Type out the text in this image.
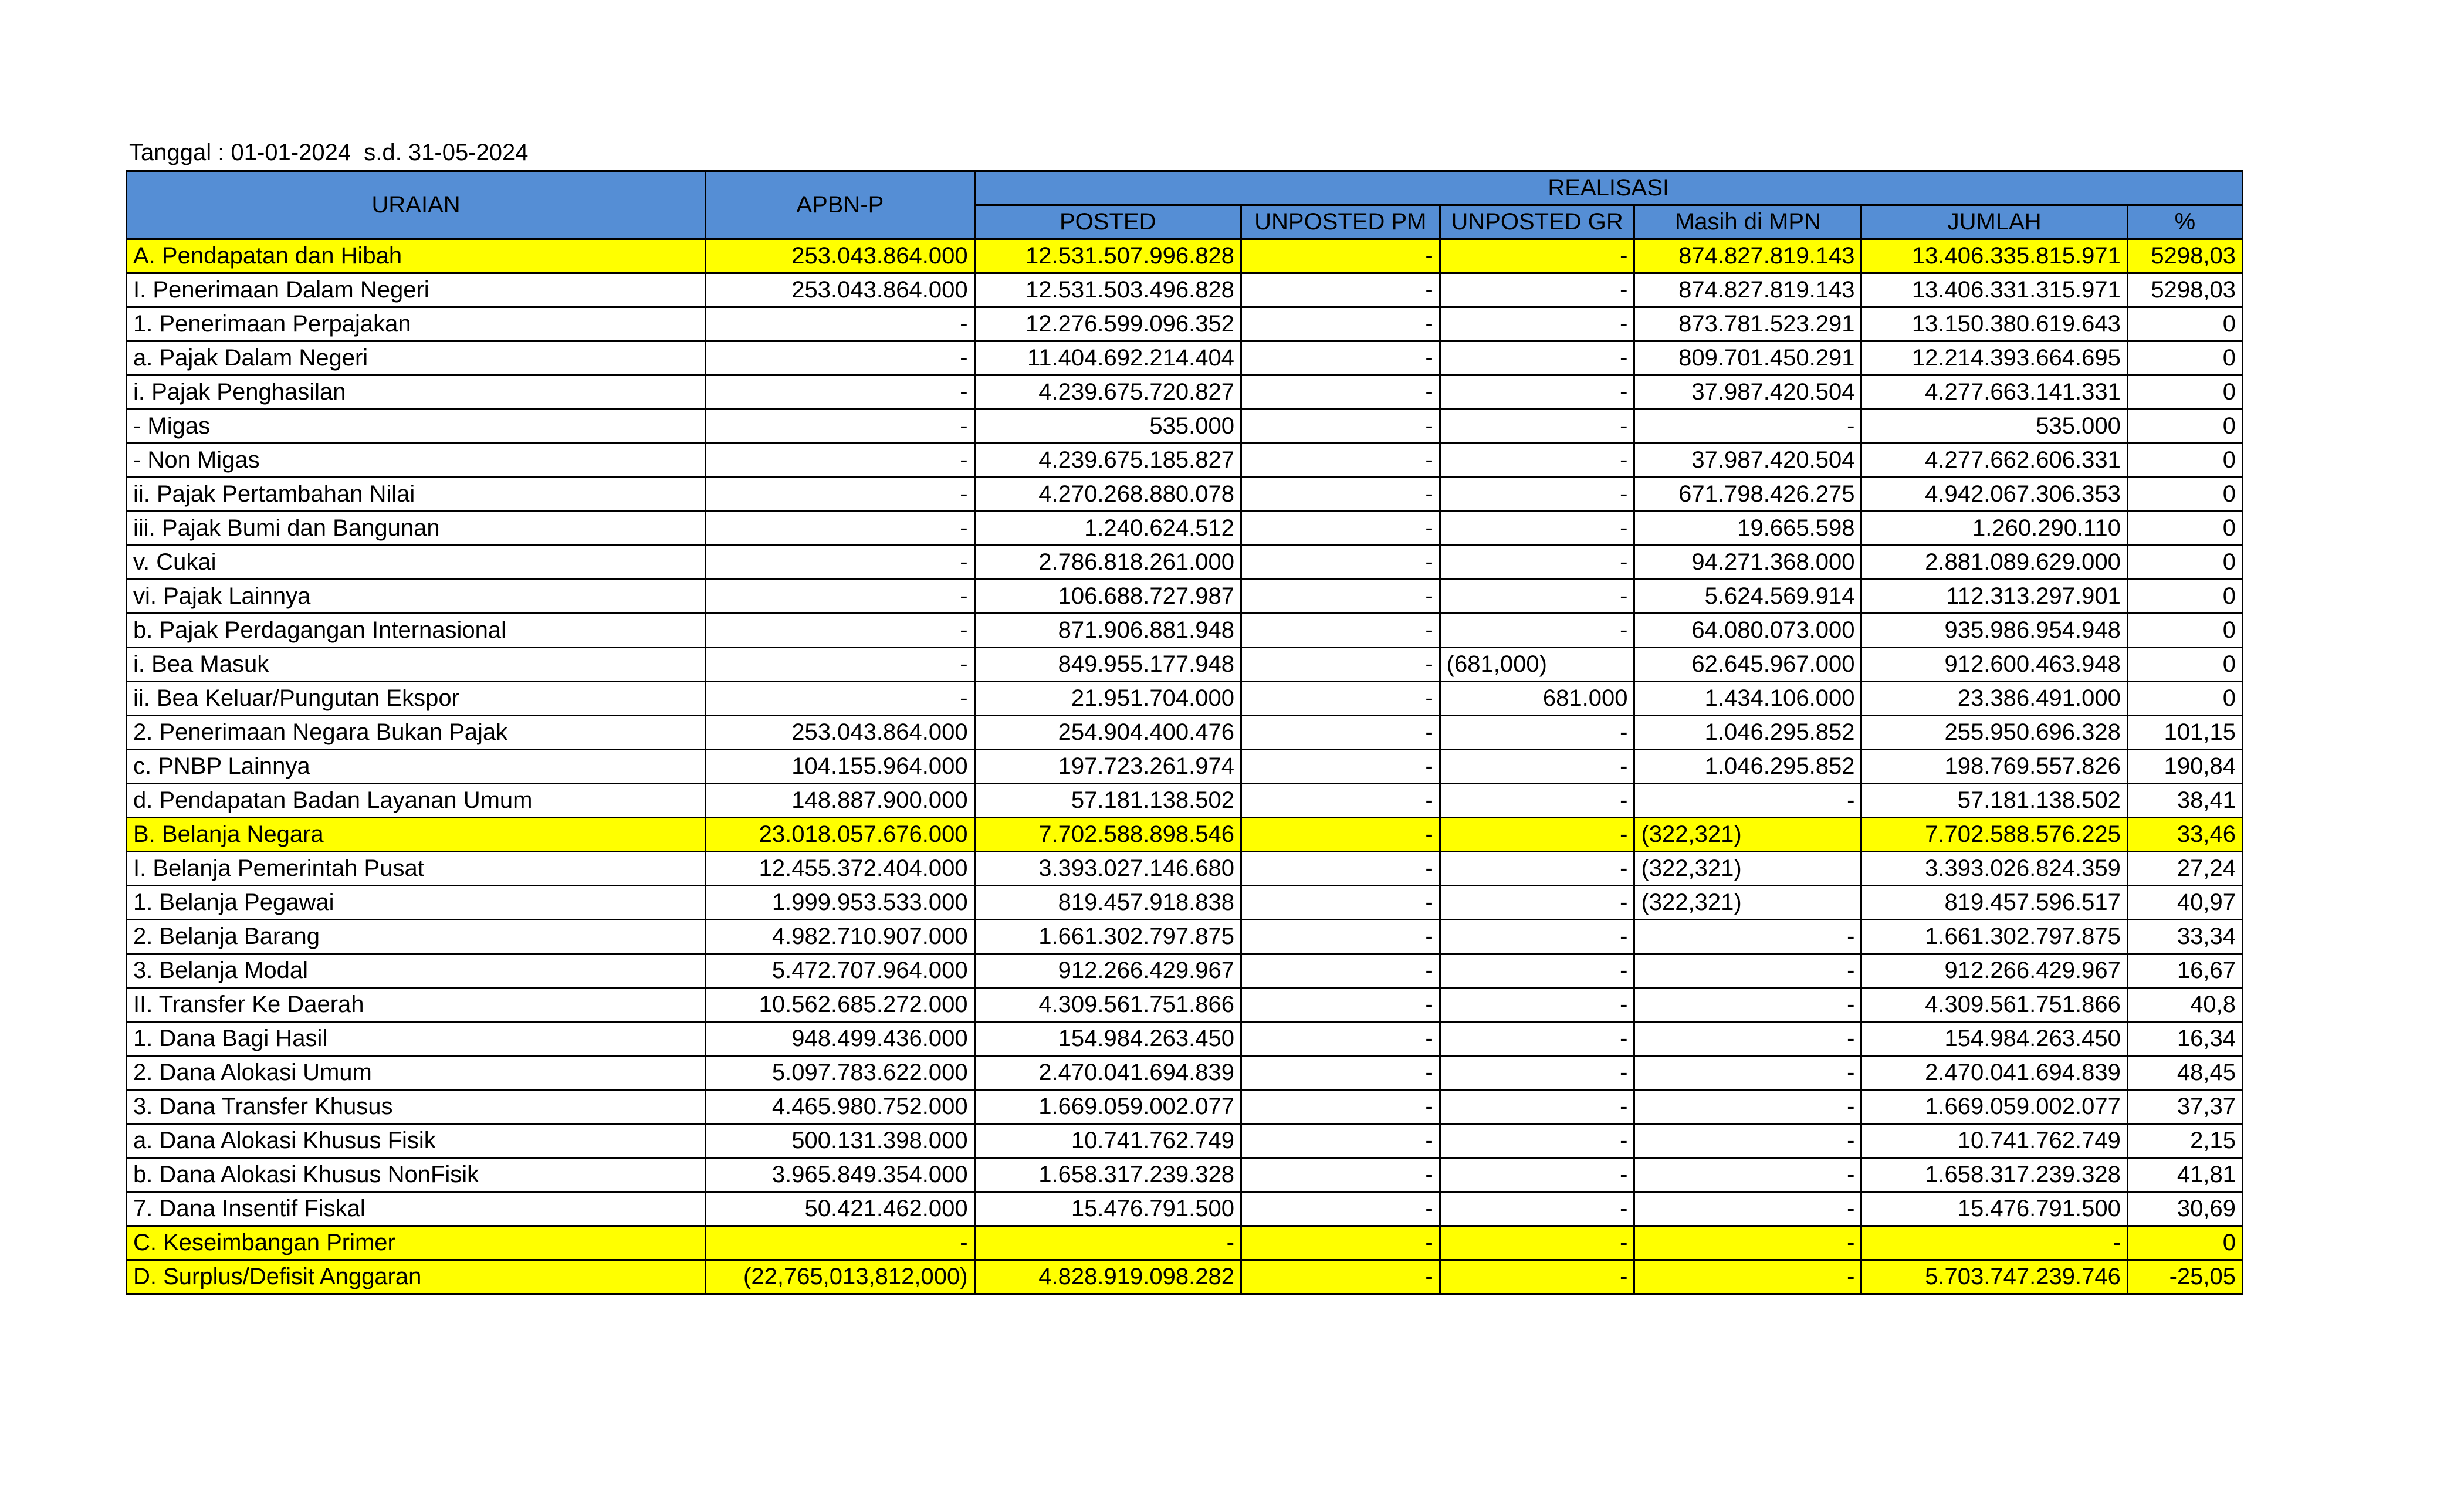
Tanggal : 01-01-2024  s.d. 31-05-2024
URAIAN	APBN-P	REALISASI					
		POSTED	UNPOSTED PM	UNPOSTED GR	Masih di MPN	JUMLAH	%
A. Pendapatan dan Hibah	253.043.864.000	12.531.507.996.828	-	-	874.827.819.143	13.406.335.815.971	5298,03
I. Penerimaan Dalam Negeri	253.043.864.000	12.531.503.496.828	-	-	874.827.819.143	13.406.331.315.971	5298,03
1. Penerimaan Perpajakan	-	12.276.599.096.352	-	-	873.781.523.291	13.150.380.619.643	0
a. Pajak Dalam Negeri	-	11.404.692.214.404	-	-	809.701.450.291	12.214.393.664.695	0
i. Pajak Penghasilan	-	4.239.675.720.827	-	-	37.987.420.504	4.277.663.141.331	0
- Migas	-	535.000	-	-	-	535.000	0
- Non Migas	-	4.239.675.185.827	-	-	37.987.420.504	4.277.662.606.331	0
ii. Pajak Pertambahan Nilai	-	4.270.268.880.078	-	-	671.798.426.275	4.942.067.306.353	0
iii. Pajak Bumi dan Bangunan	-	1.240.624.512	-	-	19.665.598	1.260.290.110	0
v. Cukai	-	2.786.818.261.000	-	-	94.271.368.000	2.881.089.629.000	0
vi. Pajak Lainnya	-	106.688.727.987	-	-	5.624.569.914	112.313.297.901	0
b. Pajak Perdagangan Internasional	-	871.906.881.948	-	-	64.080.073.000	935.986.954.948	0
i. Bea Masuk	-	849.955.177.948	-	(681,000)	62.645.967.000	912.600.463.948	0
ii. Bea Keluar/Pungutan Ekspor	-	21.951.704.000	-	681.000	1.434.106.000	23.386.491.000	0
2. Penerimaan Negara Bukan Pajak	253.043.864.000	254.904.400.476	-	-	1.046.295.852	255.950.696.328	101,15
c. PNBP Lainnya	104.155.964.000	197.723.261.974	-	-	1.046.295.852	198.769.557.826	190,84
d. Pendapatan Badan Layanan Umum	148.887.900.000	57.181.138.502	-	-	-	57.181.138.502	38,41
B. Belanja Negara	23.018.057.676.000	7.702.588.898.546	-	-	(322,321)	7.702.588.576.225	33,46
I. Belanja Pemerintah Pusat	12.455.372.404.000	3.393.027.146.680	-	-	(322,321)	3.393.026.824.359	27,24
1. Belanja Pegawai	1.999.953.533.000	819.457.918.838	-	-	(322,321)	819.457.596.517	40,97
2. Belanja Barang	4.982.710.907.000	1.661.302.797.875	-	-	-	1.661.302.797.875	33,34
3. Belanja Modal	5.472.707.964.000	912.266.429.967	-	-	-	912.266.429.967	16,67
II. Transfer Ke Daerah	10.562.685.272.000	4.309.561.751.866	-	-	-	4.309.561.751.866	40,8
1. Dana Bagi Hasil	948.499.436.000	154.984.263.450	-	-	-	154.984.263.450	16,34
2. Dana Alokasi Umum	5.097.783.622.000	2.470.041.694.839	-	-	-	2.470.041.694.839	48,45
3. Dana Transfer Khusus	4.465.980.752.000	1.669.059.002.077	-	-	-	1.669.059.002.077	37,37
a. Dana Alokasi Khusus Fisik	500.131.398.000	10.741.762.749	-	-	-	10.741.762.749	2,15
b. Dana Alokasi Khusus NonFisik	3.965.849.354.000	1.658.317.239.328	-	-	-	1.658.317.239.328	41,81
7. Dana Insentif Fiskal	50.421.462.000	15.476.791.500	-	-	-	15.476.791.500	30,69
C. Keseimbangan Primer	-	-	-	-	-	-	0
D. Surplus/Defisit Anggaran	(22,765,013,812,000)	4.828.919.098.282	-	-	-	5.703.747.239.746	-25,05
